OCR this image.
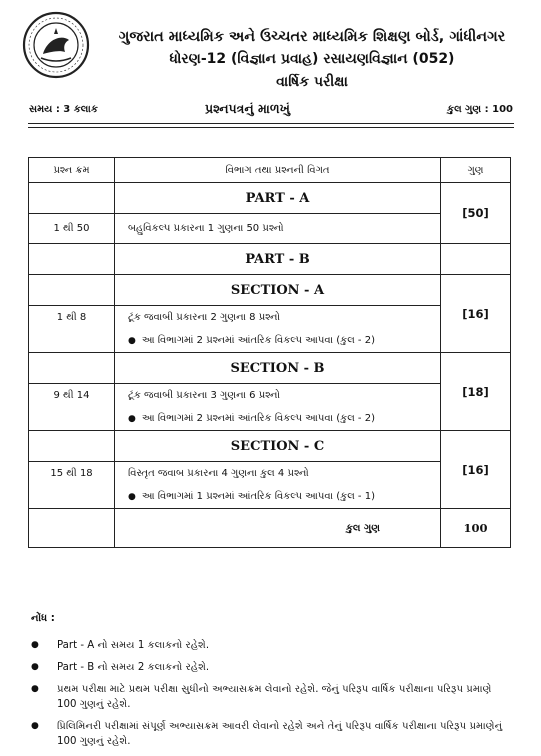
ગુજરાત માધ્યમિક અને ઉચ્ચતર માધ્યમિક શિક્ષણ બોર્ડ, ગાંધીનગર
ધોરણ-12 (વિજ્ઞાન પ્રવાહ) રસાયણવિજ્ઞાન (052)
વાર્ષિક પરીક્ષા
સમય : 3 કલાક	પ્રશ્નપત્રનું માળખું	કુલ ગુણ : 100
પ્રશ્ન ક્રમ	વિભાગ તથા પ્રશ્નની વિગત	ગુણ
	PART - A	[50]
1 થી 50	બહુવિકલ્પ પ્રકારના 1 ગુણના 50 પ્રશ્નો	
	PART - B	
	SECTION - A	[16]
1 થી 8	ટૂંક જવાબી પ્રકારના 2 ગુણના 8 પ્રશ્નો
● આ વિભાગમાં 2 પ્રશ્નમાં આંતરિક વિકલ્પ આપવા (કુલ - 2)	

	SECTION - B	[18]
9 થી 14	ટૂંક જવાબી પ્રકારના 3 ગુણના 6 પ્રશ્નો
● આ વિભાગમાં 2 પ્રશ્નમાં આંતરિક વિકલ્પ આપવા (કુલ - 2)	

	SECTION - C	[16]
15 થી 18	વિસ્તૃત જવાબ પ્રકારના 4 ગુણના કુલ 4 પ્રશ્નો
● આ વિભાગમાં 1 પ્રશ્નમાં આંતરિક વિકલ્પ આપવા (કુલ - 1)	

	કુલ ગુણ	100
નોંધ :
● Part - A નો સમય 1 કલાકનો રહેશે.
● Part - B નો સમય 2 કલાકનો રહેશે.
● પ્રથમ પરીક્ષા માટે પ્રથમ પરીક્ષા સુધીનો અભ્યાસક્રમ લેવાનો રહેશે. જેનું પરિરૂપ વાર્ષિક પરીક્ષાના પરિરૂપ પ્રમાણે 100 ગુણનું રહેશે.
● પ્રિલિમિનરી પરીક્ષામાં સંપૂર્ણ અભ્યાસક્રમ આવરી લેવાનો રહેશે અને તેનું પરિરૂપ વાર્ષિક પરીક્ષાના પરિરૂપ પ્રમાણેનું 100 ગુણનું રહેશે.
